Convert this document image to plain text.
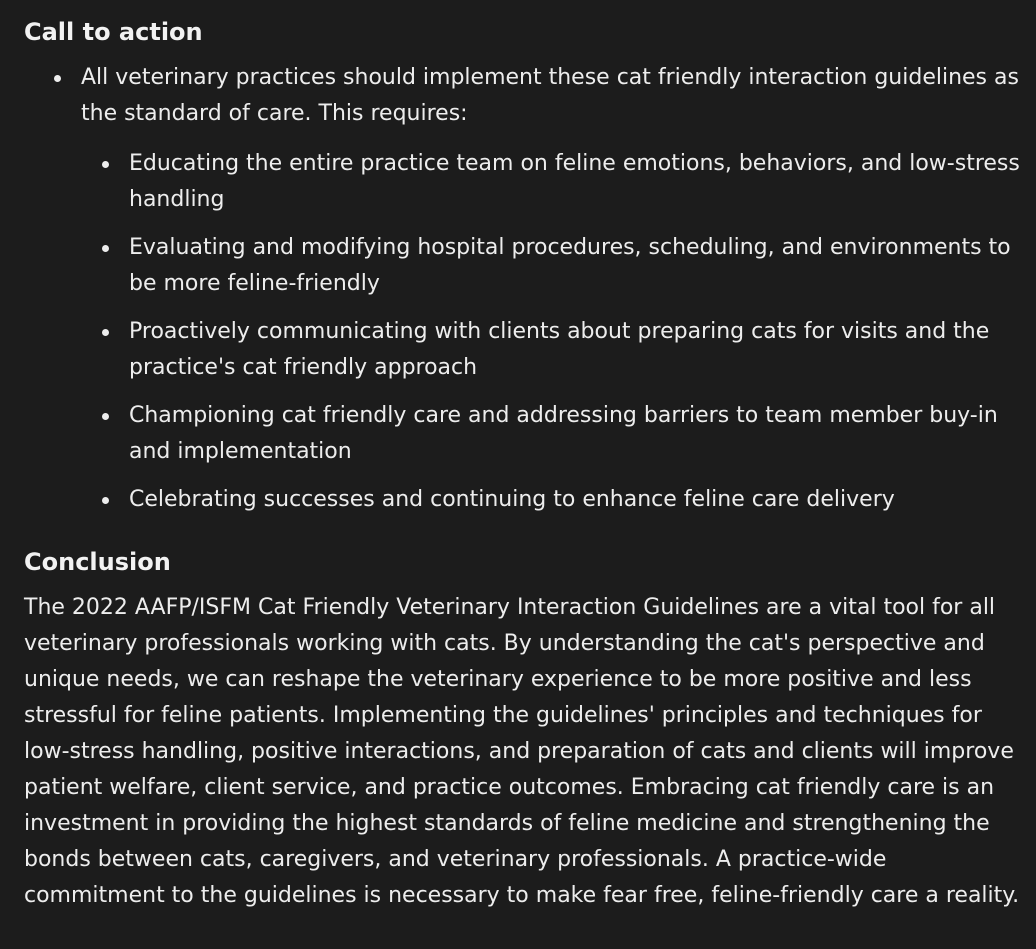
Call to action
All veterinary practices should implement these cat friendly interaction guidelines as the standard of care. This requires:
Educating the entire practice team on feline emotions, behaviors, and low-stress handling
Evaluating and modifying hospital procedures, scheduling, and environments to be more feline-friendly
Proactively communicating with clients about preparing cats for visits and the practice's cat friendly approach
Championing cat friendly care and addressing barriers to team member buy-in and implementation
Celebrating successes and continuing to enhance feline care delivery
Conclusion

The 2022 AAFP/ISFM Cat Friendly Veterinary Interaction Guidelines are a vital tool for all veterinary professionals working with cats. By understanding the cat's perspective and unique needs, we can reshape the veterinary experience to be more positive and less stressful for feline patients. Implementing the guidelines' principles and techniques for low-stress handling, positive interactions, and preparation of cats and clients will improve patient welfare, client service, and practice outcomes. Embracing cat friendly care is an investment in providing the highest standards of feline medicine and strengthening the bonds between cats, caregivers, and veterinary professionals. A practice-wide commitment to the guidelines is necessary to make fear free, feline-friendly care a reality.
